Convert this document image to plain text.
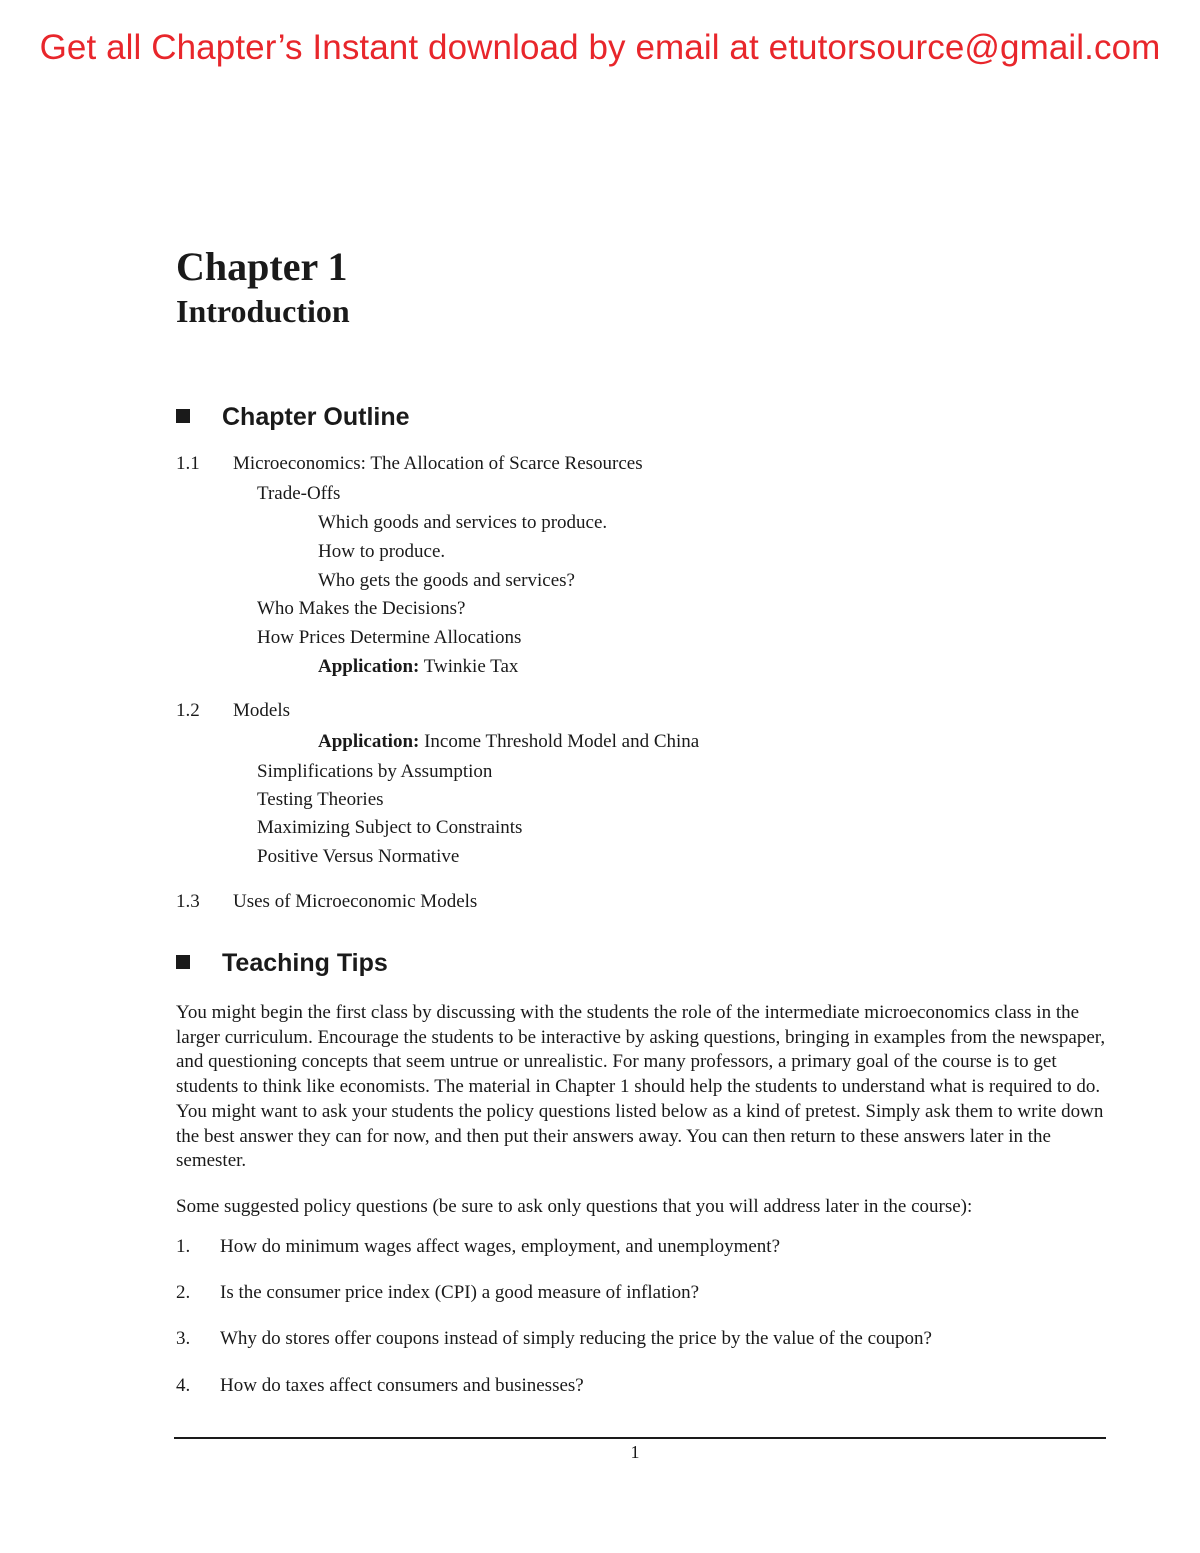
Get all Chapter’s Instant download by email at etutorsource@gmail.com
Chapter 1
Introduction
Chapter Outline
1.1 Microeconomics: The Allocation of Scarce Resources
Trade-Offs
Which goods and services to produce.
How to produce.
Who gets the goods and services?
Who Makes the Decisions?
How Prices Determine Allocations
Application: Twinkie Tax
1.2 Models
Application: Income Threshold Model and China
Simplifications by Assumption
Testing Theories
Maximizing Subject to Constraints
Positive Versus Normative
1.3 Uses of Microeconomic Models
Teaching Tips
You might begin the first class by discussing with the students the role of the intermediate microeconomics class in the larger curriculum. Encourage the students to be interactive by asking questions, bringing in examples from the newspaper, and questioning concepts that seem untrue or unrealistic. For many professors, a primary goal of the course is to get students to think like economists. The material in Chapter 1 should help the students to understand what is required to do. You might want to ask your students the policy questions listed below as a kind of pretest. Simply ask them to write down the best answer they can for now, and then put their answers away. You can then return to these answers later in the semester.
Some suggested policy questions (be sure to ask only questions that you will address later in the course):
1. How do minimum wages affect wages, employment, and unemployment?
2. Is the consumer price index (CPI) a good measure of inflation?
3. Why do stores offer coupons instead of simply reducing the price by the value of the coupon?
4. How do taxes affect consumers and businesses?
1
